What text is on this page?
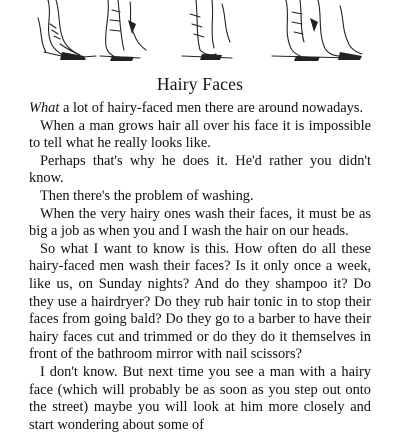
Hairy Faces

What a lot of hairy-faced men there are around nowadays.

When a man grows hair all over his face it is impossible to tell what he really looks like.

Perhaps that's why he does it. He'd rather you didn't know.

Then there's the problem of washing.

When the very hairy ones wash their faces, it must be as big a job as when you and I wash the hair on our heads.

So what I want to know is this. How often do all these hairy-faced men wash their faces? Is it only once a week, like us, on Sunday nights? And do they shampoo it? Do they use a hairdryer? Do they rub hair tonic in to stop their faces from going bald? Do they go to a barber to have their hairy faces cut and trimmed or do they do it themselves in front of the bathroom mirror with nail scissors?

I don't know. But next time you see a man with a hairy face (which will probably be as soon as you step out onto the street) maybe you will look at him more closely and start wondering about some of
